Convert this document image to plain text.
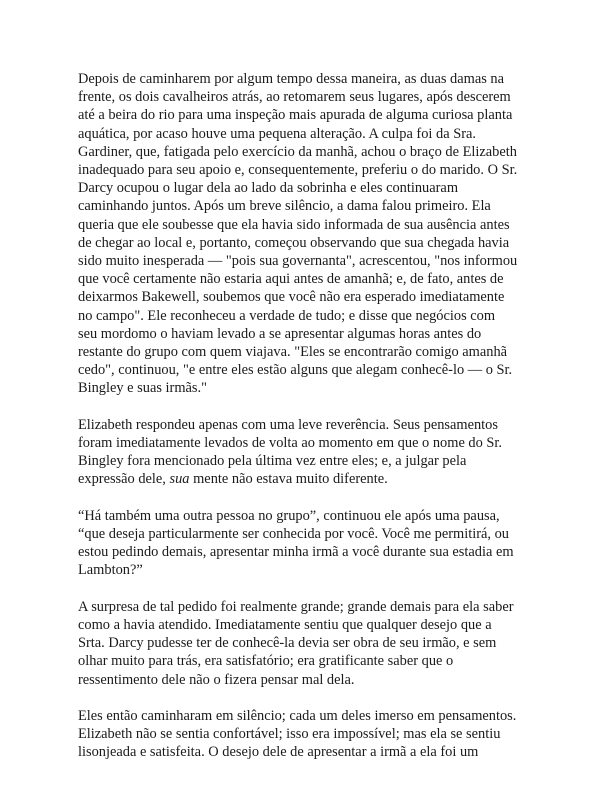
Depois de caminharem por algum tempo dessa maneira, as duas damas na
frente, os dois cavalheiros atrás, ao retomarem seus lugares, após descerem
até a beira do rio para uma inspeção mais apurada de alguma curiosa planta
aquática, por acaso houve uma pequena alteração. A culpa foi da Sra.
Gardiner, que, fatigada pelo exercício da manhã, achou o braço de Elizabeth
inadequado para seu apoio e, consequentemente, preferiu o do marido. O Sr.
Darcy ocupou o lugar dela ao lado da sobrinha e eles continuaram
caminhando juntos. Após um breve silêncio, a dama falou primeiro. Ela
queria que ele soubesse que ela havia sido informada de sua ausência antes
de chegar ao local e, portanto, começou observando que sua chegada havia
sido muito inesperada — "pois sua governanta", acrescentou, "nos informou
que você certamente não estaria aqui antes de amanhã; e, de fato, antes de
deixarmos Bakewell, soubemos que você não era esperado imediatamente
no campo". Ele reconheceu a verdade de tudo; e disse que negócios com
seu mordomo o haviam levado a se apresentar algumas horas antes do
restante do grupo com quem viajava. "Eles se encontrarão comigo amanhã
cedo", continuou, "e entre eles estão alguns que alegam conhecê-lo — o Sr.
Bingley e suas irmãs."

Elizabeth respondeu apenas com uma leve reverência. Seus pensamentos
foram imediatamente levados de volta ao momento em que o nome do Sr.
Bingley fora mencionado pela última vez entre eles; e, a julgar pela
expressão dele, sua mente não estava muito diferente.

“Há também uma outra pessoa no grupo”, continuou ele após uma pausa,
“que deseja particularmente ser conhecida por você. Você me permitirá, ou
estou pedindo demais, apresentar minha irmã a você durante sua estadia em
Lambton?”

A surpresa de tal pedido foi realmente grande; grande demais para ela saber
como a havia atendido. Imediatamente sentiu que qualquer desejo que a
Srta. Darcy pudesse ter de conhecê-la devia ser obra de seu irmão, e sem
olhar muito para trás, era satisfatório; era gratificante saber que o
ressentimento dele não o fizera pensar mal dela.

Eles então caminharam em silêncio; cada um deles imerso em pensamentos.
Elizabeth não se sentia confortável; isso era impossível; mas ela se sentiu
lisonjeada e satisfeita. O desejo dele de apresentar a irmã a ela foi um
